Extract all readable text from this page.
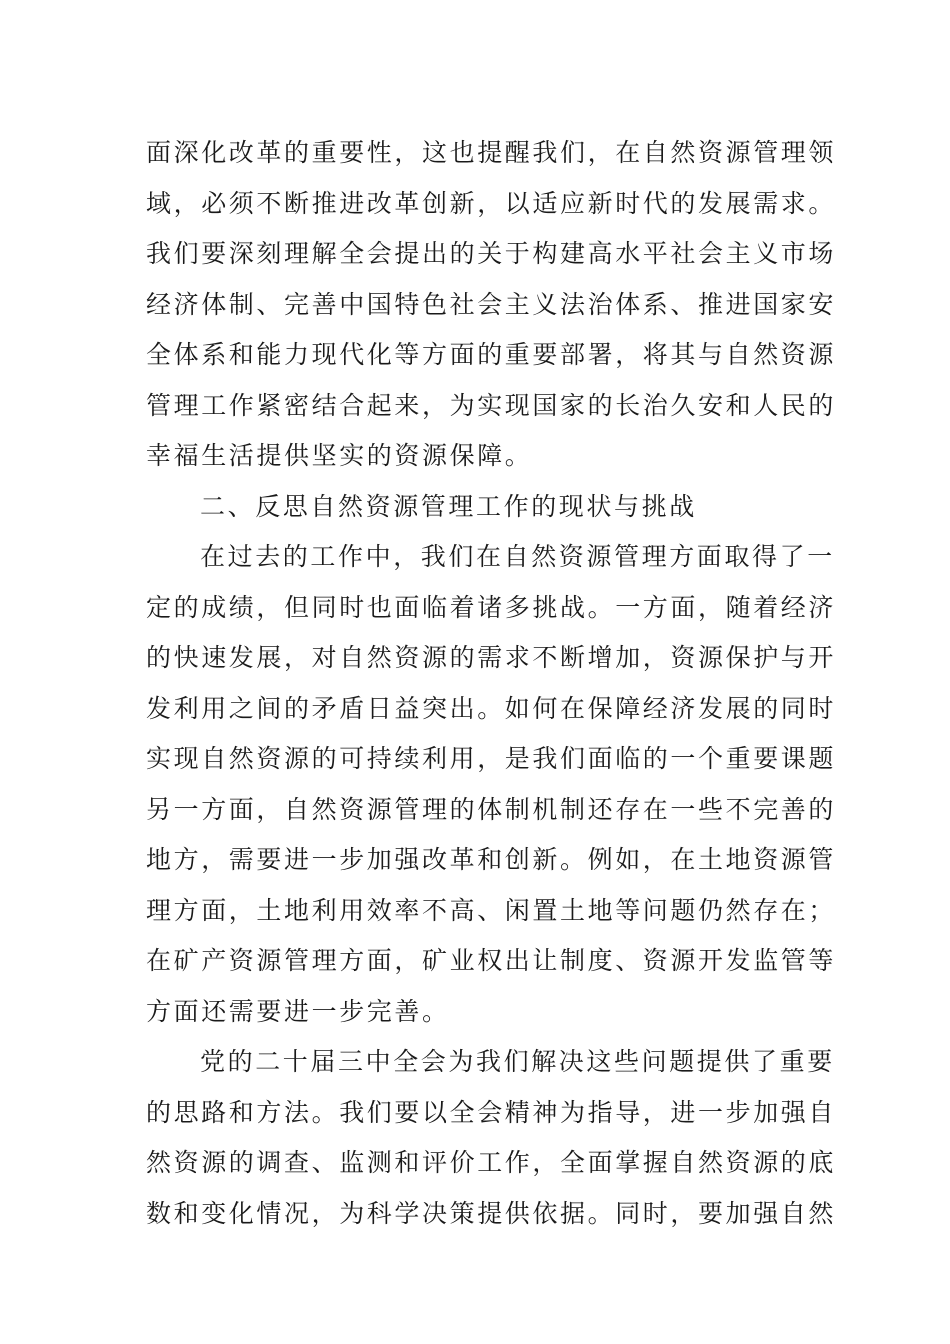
面深化改革的重要性，这也提醒我们，在自然资源管理领
域，必须不断推进改革创新，以适应新时代的发展需求。
我们要深刻理解全会提出的关于构建高水平社会主义市场
经济体制、完善中国特色社会主义法治体系、推进国家安
全体系和能力现代化等方面的重要部署，将其与自然资源
管理工作紧密结合起来，为实现国家的长治久安和人民的
幸福生活提供坚实的资源保障。
二、反思自然资源管理工作的现状与挑战
在过去的工作中，我们在自然资源管理方面取得了一
定的成绩，但同时也面临着诸多挑战。一方面，随着经济
的快速发展，对自然资源的需求不断增加，资源保护与开
发利用之间的矛盾日益突出。如何在保障经济发展的同时
实现自然资源的可持续利用，是我们面临的一个重要课题
另一方面，自然资源管理的体制机制还存在一些不完善的
地方，需要进一步加强改革和创新。例如，在土地资源管
理方面，土地利用效率不高、闲置土地等问题仍然存在；
在矿产资源管理方面，矿业权出让制度、资源开发监管等
方面还需要进一步完善。
党的二十届三中全会为我们解决这些问题提供了重要
的思路和方法。我们要以全会精神为指导，进一步加强自
然资源的调查、监测和评价工作，全面掌握自然资源的底
数和变化情况，为科学决策提供依据。同时，要加强自然
